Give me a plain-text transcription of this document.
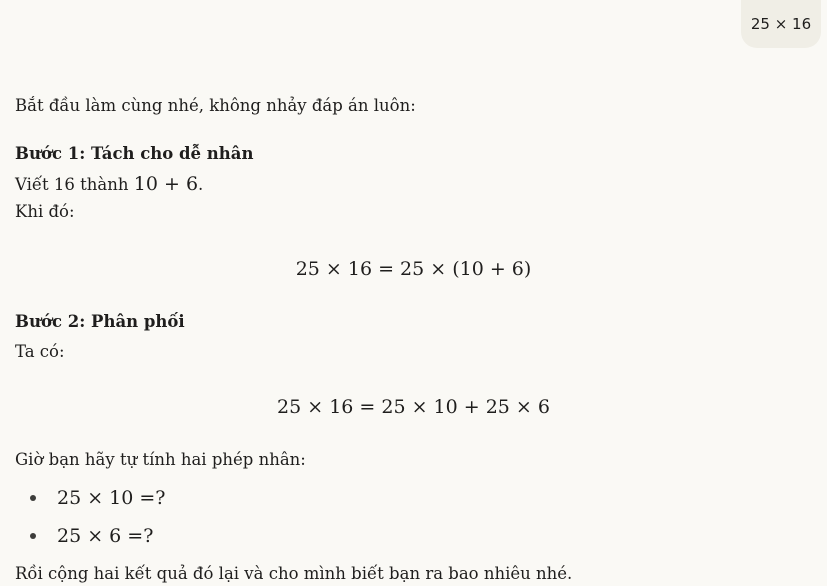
25 × 16
Bắt đầu làm cùng nhé, không nhảy đáp án luôn:
Bước 1: Tách cho dễ nhân
Viết 16 thành 10 + 6.
Khi đó:
25 × 16 = 25 × (10 + 6)
Bước 2: Phân phối
Ta có:
25 × 16 = 25 × 10 + 25 × 6
Giờ bạn hãy tự tính hai phép nhân:
25 × 10 =?
25 × 6 =?
Rồi cộng hai kết quả đó lại và cho mình biết bạn ra bao nhiêu nhé.
